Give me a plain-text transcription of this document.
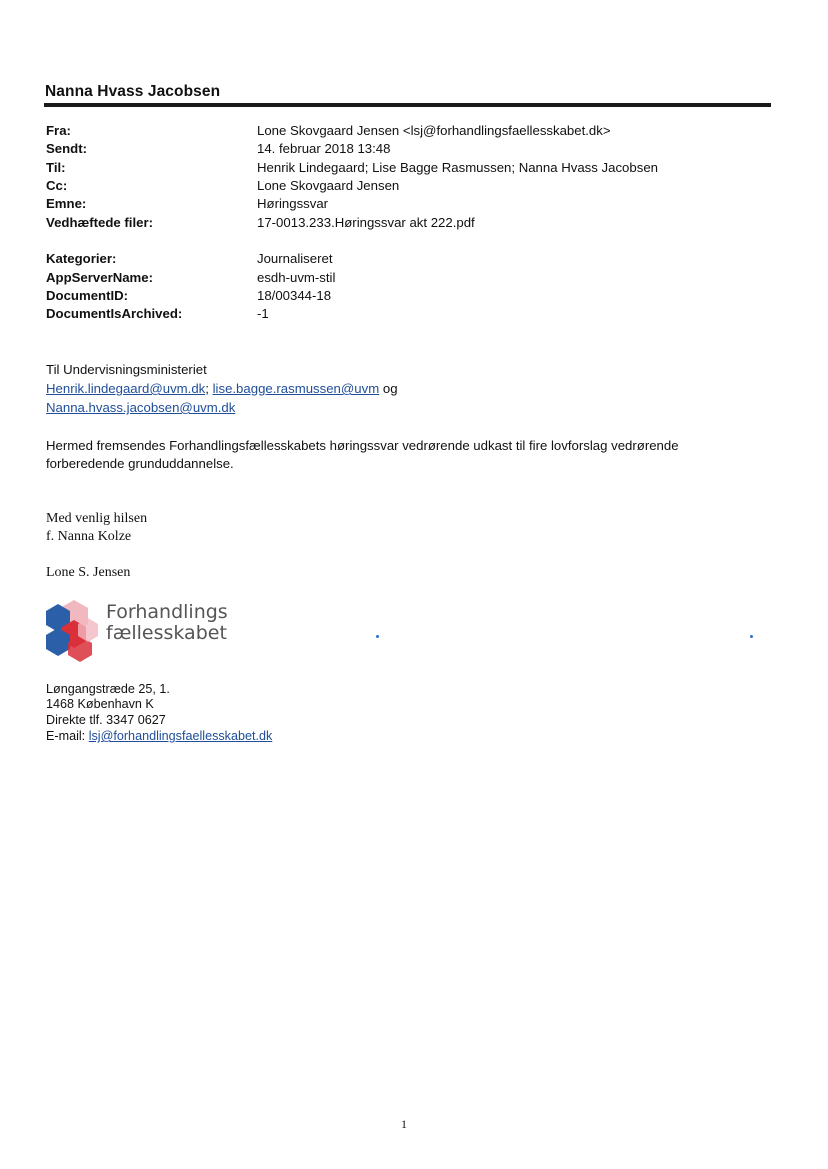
Nanna Hvass Jacobsen
Fra:	Lone Skovgaard Jensen <lsj@forhandlingsfaellesskabet.dk>
Sendt:	14. februar 2018 13:48
Til:	Henrik Lindegaard; Lise Bagge Rasmussen; Nanna Hvass Jacobsen
Cc:	Lone Skovgaard Jensen
Emne:	Høringssvar
Vedhæftede filer:	17-0013.233.Høringssvar akt 222.pdf
Kategorier:	Journaliseret
AppServerName:	esdh-uvm-stil
DocumentID:	18/00344-18
DocumentIsArchived:	-1
Til Undervisningsministeriet
Henrik.lindegaard@uvm.dk; lise.bagge.rasmussen@uvm og
Nanna.hvass.jacobsen@uvm.dk
Hermed fremsendes Forhandlingsfællesskabets høringssvar vedrørende udkast til fire lovforslag vedrørende
forberedende grunduddannelse.
Med venlig hilsen
f. Nanna Kolze
Lone S. Jensen
Forhandlings
fællesskabet
Løngangstræde 25, 1.
1468 København K
Direkte tlf. 3347 0627
E-mail: lsj@forhandlingsfaellesskabet.dk
1
